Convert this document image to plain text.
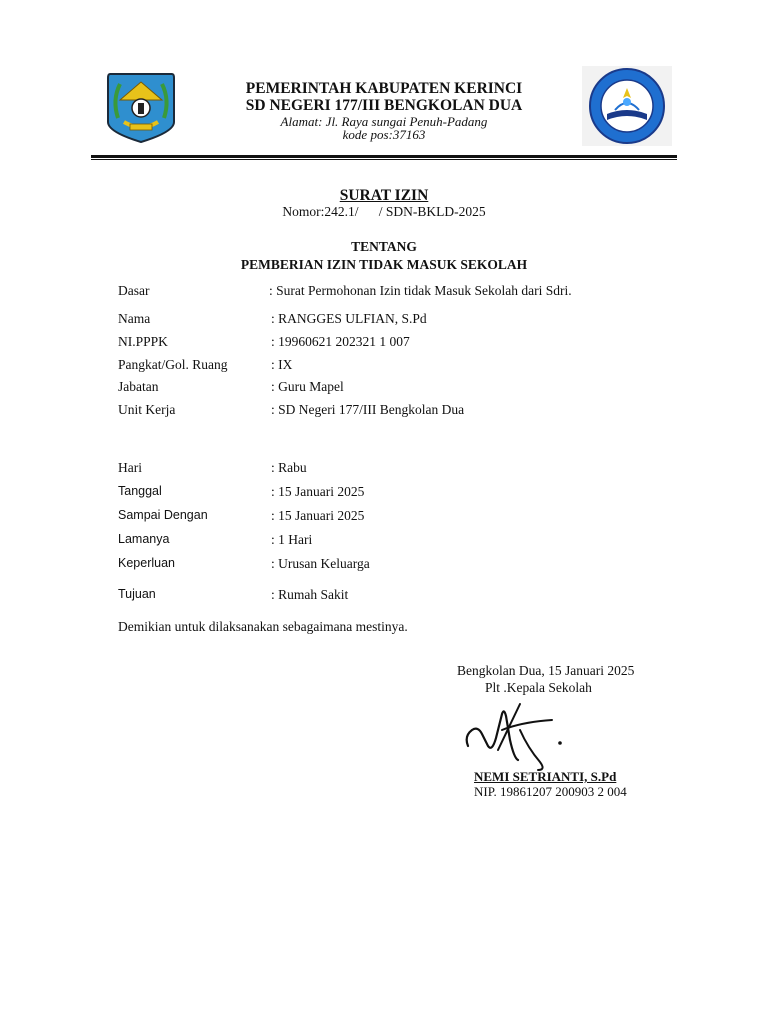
PEMERINTAH KABUPATEN KERINCI
SD NEGERI 177/III BENGKOLAN DUA
Alamat: Jl. Raya sungai Penuh-Padang
kode pos:37163
SURAT IZIN
Nomor:242.1/      / SDN-BKLD-2025
TENTANG
PEMBERIAN IZIN TIDAK MASUK SEKOLAH
Dasar	: Surat Permohonan Izin tidak Masuk Sekolah dari Sdri.
Nama	: RANGGES ULFIAN, S.Pd
NI.PPPK	: 19960621 202321 1 007
Pangkat/Gol. Ruang	: IX
Jabatan	: Guru Mapel
Unit Kerja	: SD Negeri 177/III Bengkolan Dua
Hari	: Rabu
Tanggal	: 15 Januari 2025
Sampai Dengan	: 15 Januari 2025
Lamanya	: 1 Hari
Keperluan	: Urusan Keluarga
Tujuan	: Rumah Sakit
Demikian untuk dilaksanakan sebagaimana mestinya.
Bengkolan Dua, 15 Januari 2025
Plt .Kepala Sekolah
NEMI SETRIANTI, S.Pd
NIP. 19861207 200903 2 004
